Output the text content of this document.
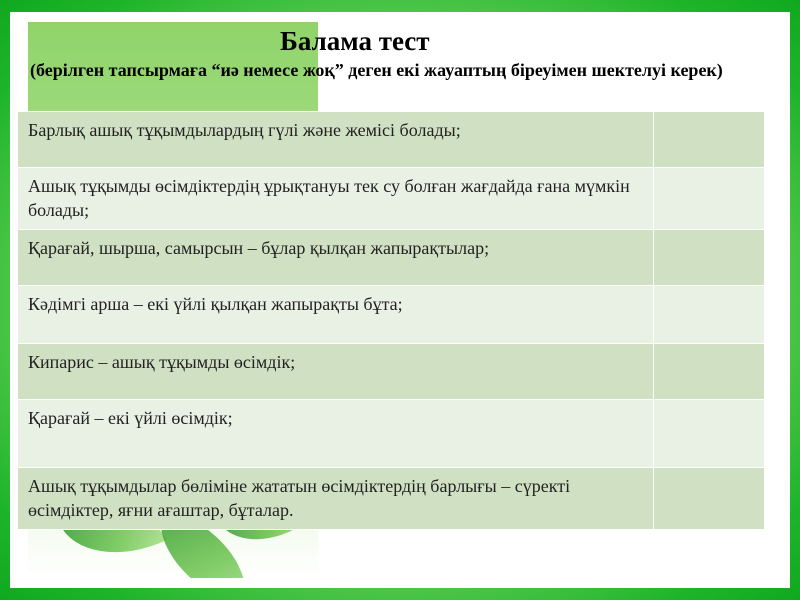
Балама тест
(берілген тапсырмаға “иә немесе жоқ” деген екі жауаптың біреуімен шектелуі керек)
Барлық ашық тұқымдылардың гүлі және жемісі болады;	
Ашық тұқымды өсімдіктердің ұрықтануы тек су болған жағдайда ғана мүмкін болады;	
Қарағай, шырша, самырсын – бұлар қылқан жапырақтылар;	
Кәдімгі арша – екі үйлі қылқан жапырақты бұта;	
Кипарис – ашық тұқымды өсімдік;	
Қарағай – екі үйлі өсімдік;	
Ашық тұқымдылар бөліміне жататын өсімдіктердің барлығы – сүректі өсімдіктер, яғни ағаштар, бұталар.	
